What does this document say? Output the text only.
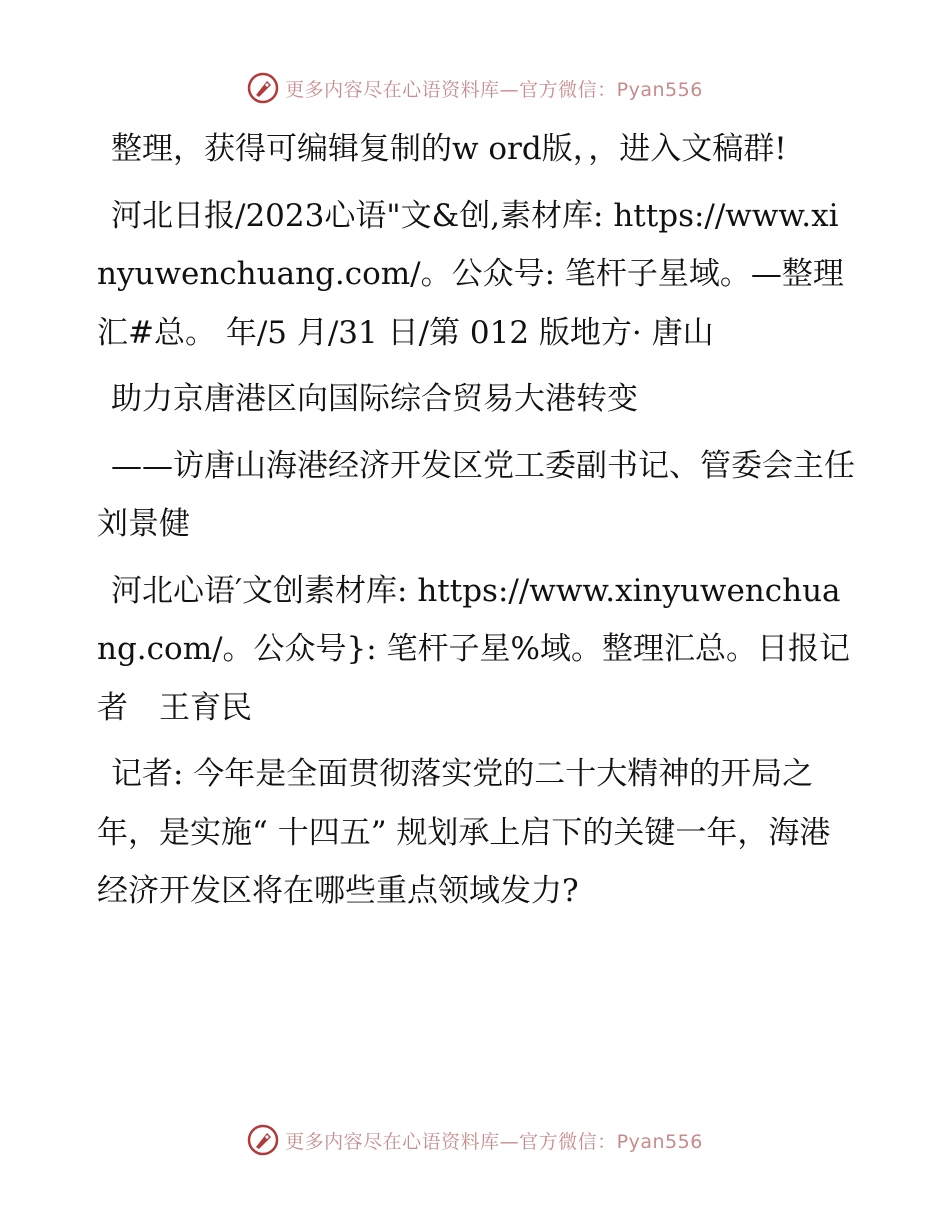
更多内容尽在心语资料库—官方微信：Pyan556

整理，获得可编辑复制的w ord版，，进入文稿群!

河北日报/2023心语"文&创,素材库: https://www.xinyuwenchuang.com/。公众号: 笔杆子星域。—整理汇#总。 年/5 月/31 日/第 012 版地方· 唐山

助力京唐港区向国际综合贸易大港转变

——访唐山海港经济开发区党工委副书记、管委会主任刘景健

河北心语′文创素材库: https://www.xinyuwenchuang.com/。公众号}: 笔杆子星%域。整理汇总。日报记者　王育民

记者: 今年是全面贯彻落实党的二十大精神的开局之年，是实施“ 十四五” 规划承上启下的关键一年，海港经济开发区将在哪些重点领域发力?

更多内容尽在心语资料库—官方微信：Pyan556
